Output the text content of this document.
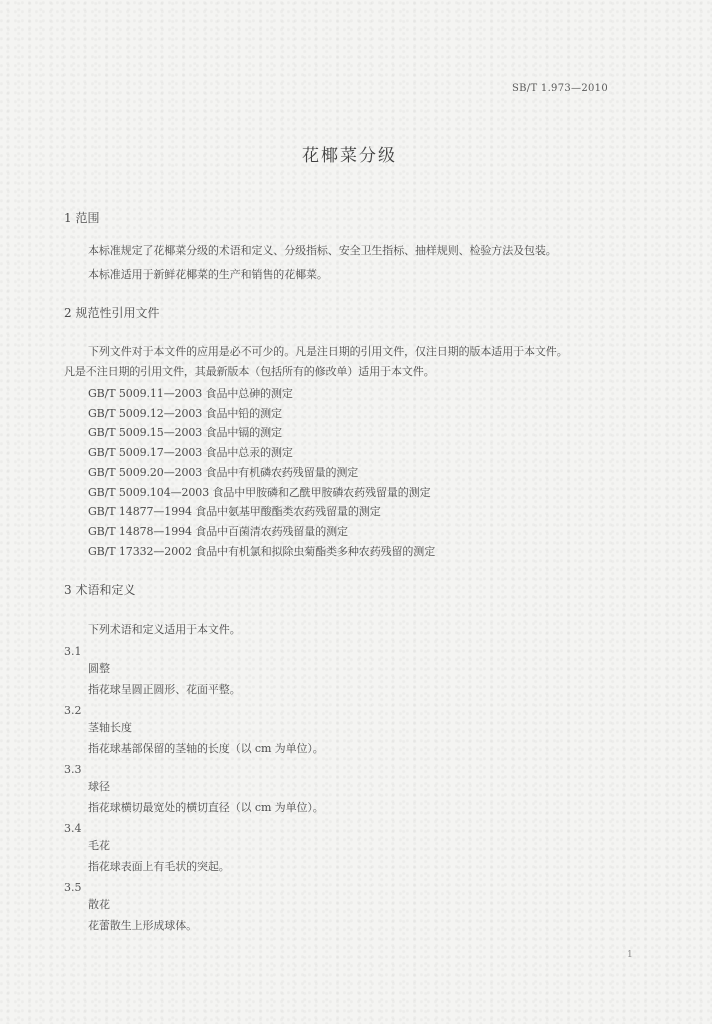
SB/T 1.973—2010
花椰菜分级
1 范围
本标准规定了花椰菜分级的术语和定义、分级指标、安全卫生指标、抽样规则、检验方法及包装。
本标准适用于新鲜花椰菜的生产和销售的花椰菜。
2 规范性引用文件
下列文件对于本文件的应用是必不可少的。凡是注日期的引用文件，仅注日期的版本适用于本文件。
凡是不注日期的引用文件，其最新版本（包括所有的修改单）适用于本文件。
GB/T 5009.11—2003 食品中总砷的测定
GB/T 5009.12—2003 食品中铅的测定
GB/T 5009.15—2003 食品中镉的测定
GB/T 5009.17—2003 食品中总汞的测定
GB/T 5009.20—2003 食品中有机磷农药残留量的测定
GB/T 5009.104—2003 食品中甲胺磷和乙酰甲胺磷农药残留量的测定
GB/T 14877—1994 食品中氨基甲酸酯类农药残留量的测定
GB/T 14878—1994 食品中百菌清农药残留量的测定
GB/T 17332—2002 食品中有机氯和拟除虫菊酯类多种农药残留的测定
3 术语和定义
下列术语和定义适用于本文件。
3.1
圆整
指花球呈圆正圆形、花面平整。
3.2
茎轴长度
指花球基部保留的茎轴的长度（以 cm 为单位）。
3.3
球径
指花球横切最宽处的横切直径（以 cm 为单位）。
3.4
毛花
指花球表面上有毛状的突起。
3.5
散花
花蕾散生上形成球体。
1
